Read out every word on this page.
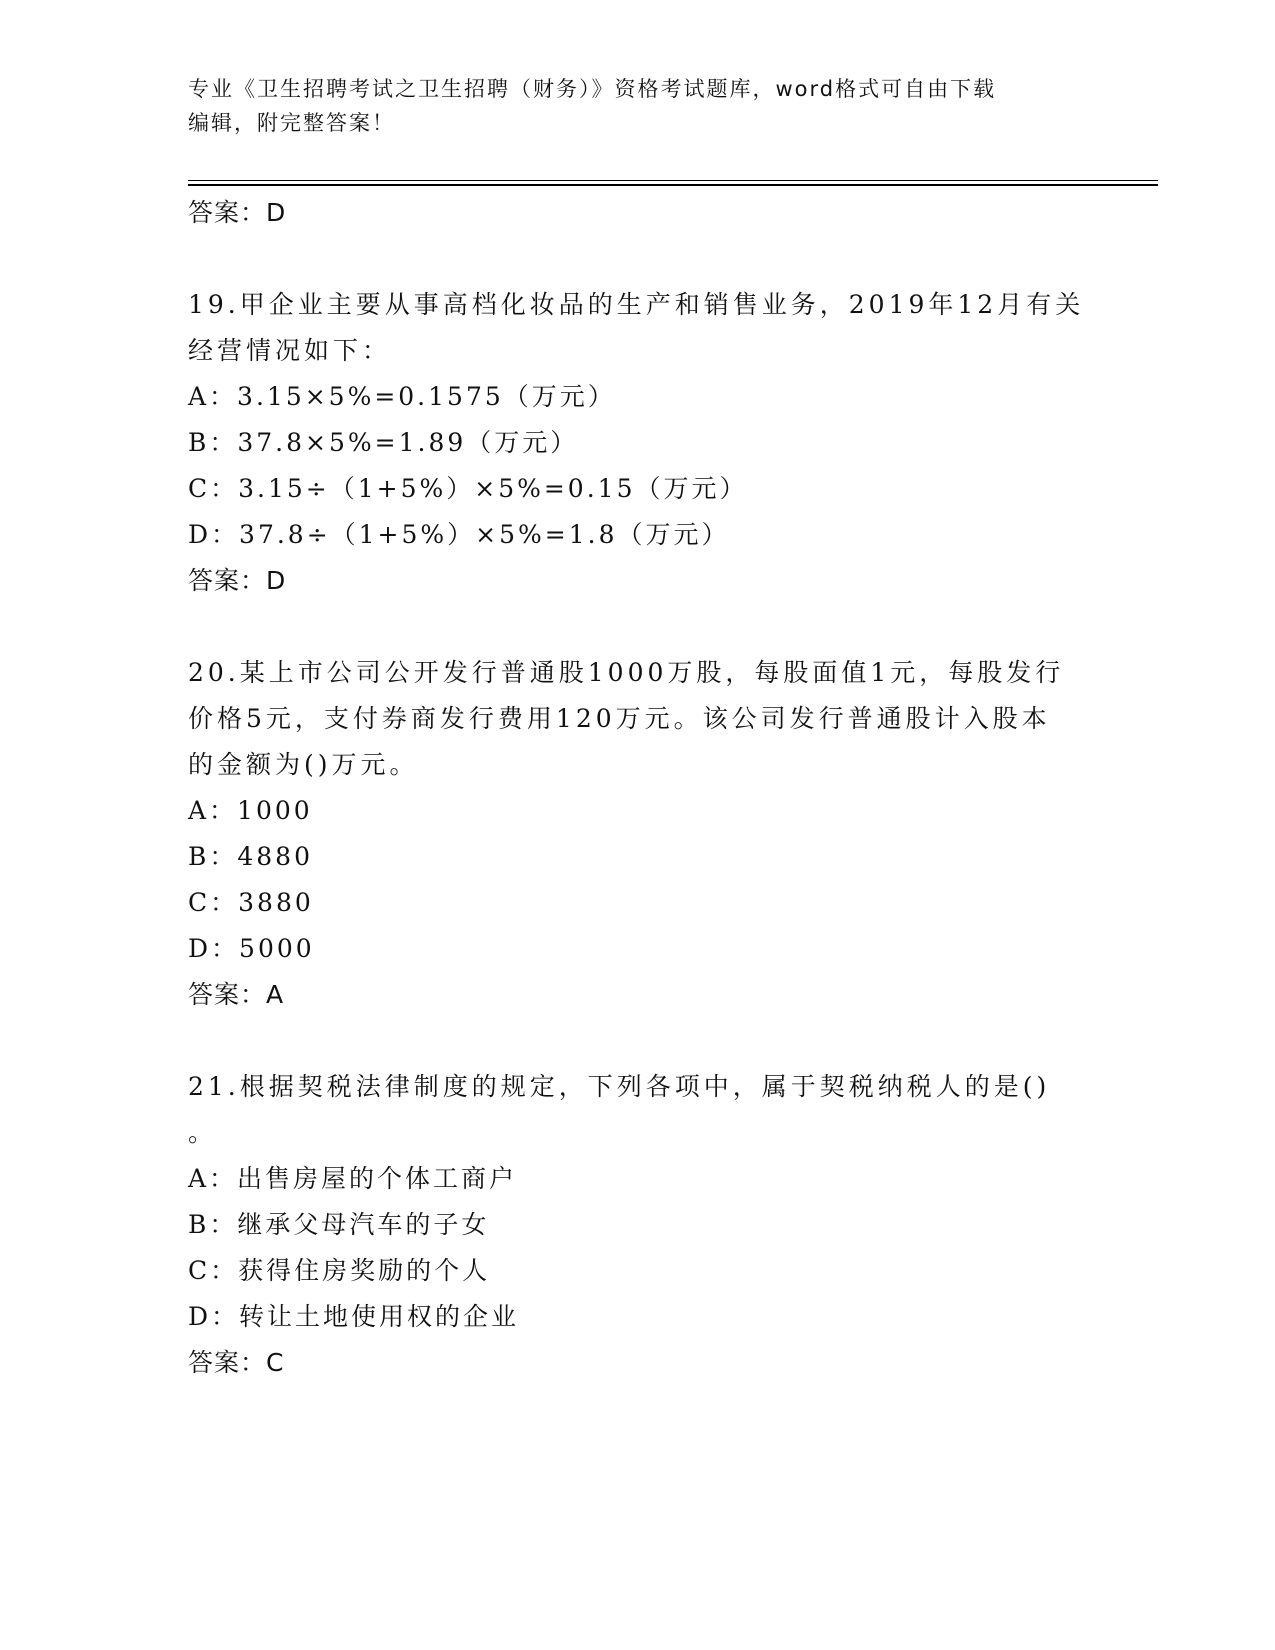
专业《卫生招聘考试之卫生招聘（财务）》资格考试题库，word格式可自由下载
编辑，附完整答案！
答案：D
19.甲企业主要从事高档化妆品的生产和销售业务，2019年12月有关
经营情况如下：
A：3.15×5%=0.1575（万元）
B：37.8×5%=1.89（万元）
C：3.15÷（1+5%）×5%=0.15（万元）
D：37.8÷（1+5%）×5%=1.8（万元）
答案：D
20.某上市公司公开发行普通股1000万股，每股面值1元，每股发行
价格5元，支付券商发行费用120万元。该公司发行普通股计入股本
的金额为()万元。
A：1000
B：4880
C：3880
D：5000
答案：A
21.根据契税法律制度的规定，下列各项中，属于契税纳税人的是()
。
A：出售房屋的个体工商户
B：继承父母汽车的子女
C：获得住房奖励的个人
D：转让土地使用权的企业
答案：C
